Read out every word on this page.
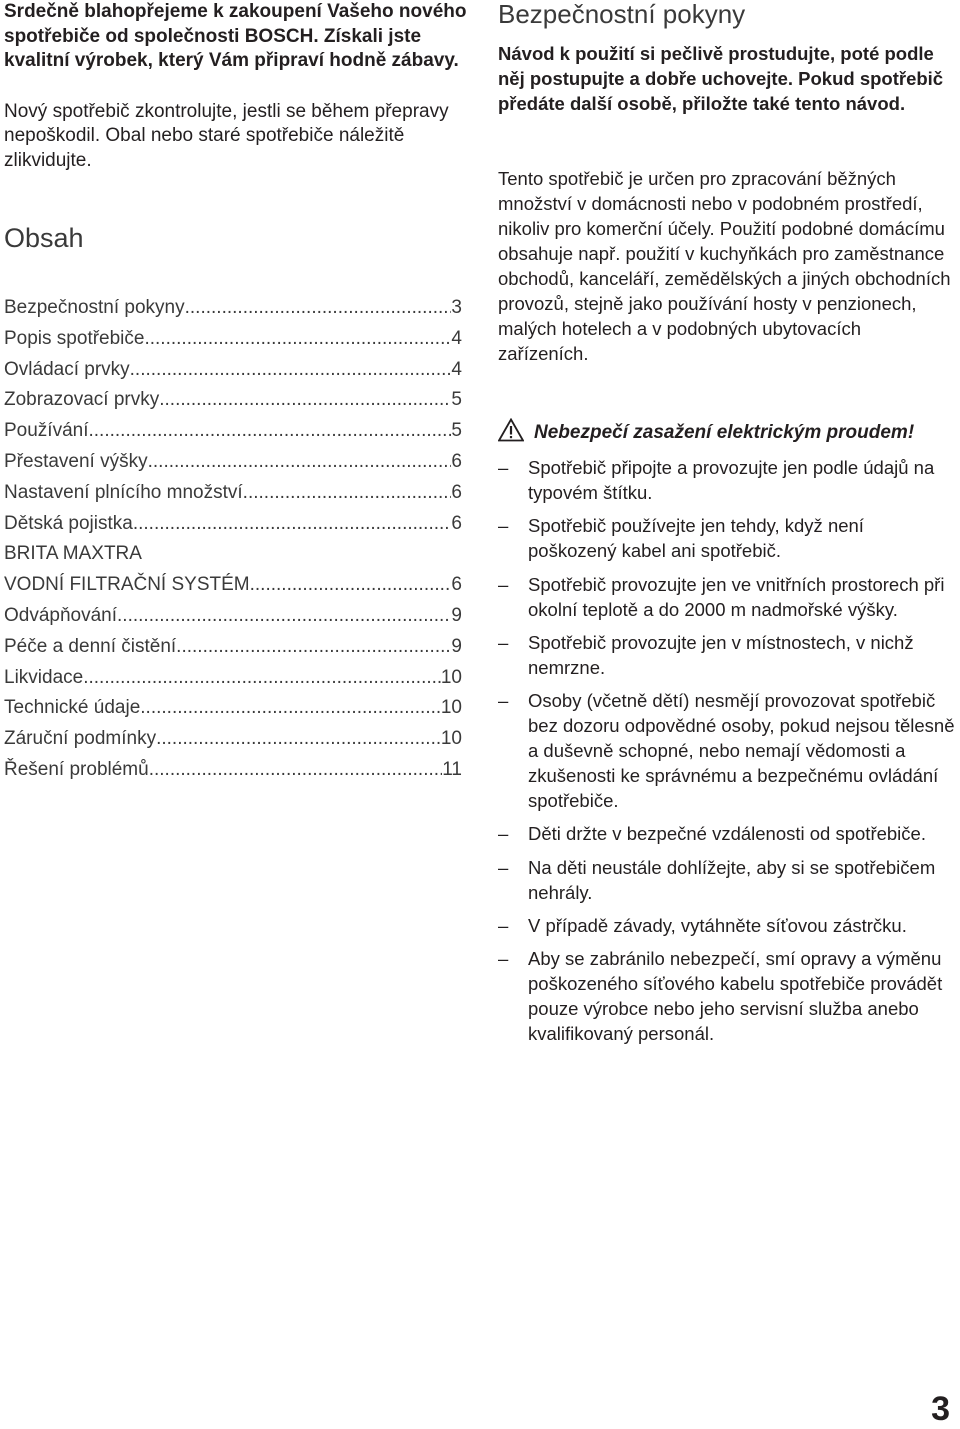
Srdečně blahopřejeme k zakoupení Vašeho nového spotřebiče od společnosti BOSCH. Získali jste kvalitní výrobek, který Vám připraví hodně zábavy.

Nový spotřebič zkontrolujte, jestli se během přepravy nepoškodil. Obal nebo staré spotřebiče náležitě zlikvidujte.

Obsah
Bezpečnostní pokyny .....	3
Popis spotřebiče .....	4
Ovládací prvky .....	4
Zobrazovací prvky .....	5
Používání .....	5
Přestavení výšky .....	6
Nastavení plnícího množství .....	6
Dětská pojistka .....	6
BRITA MAXTRA
VODNÍ FILTRAČNÍ SYSTÉM .....	6
Odvápňování .....	9
Péče a denní čistění .....	9
Likvidace .....	10
Technické údaje .....	10
Záruční podmínky .....	10
Řešení problémů .....	11
Bezpečnostní pokyny

Návod k použití si pečlivě prostudujte, poté podle něj postupujte a dobře uchovejte. Pokud spotřebič předáte další osobě, přiložte také tento návod.

Tento spotřebič je určen pro zpracování běžných množství v domácnosti nebo v podobném prostředí, nikoliv pro komerční účely. Použití podobné domácímu obsahuje např. použití v kuchyňkách pro zaměstnance obchodů, kanceláří, zemědělských a jiných obchodních provozů, stejně jako používání hosty v penzionech, malých hotelech a v podobných ubytovacích zařízeních.

Nebezpečí zasažení elektrickým proudem!
– Spotřebič připojte a provozujte jen podle údajů na typovém štítku.
– Spotřebič používejte jen tehdy, když není poškozený kabel ani spotřebič.
– Spotřebič provozujte jen ve vnitřních prostorech při okolní teplotě a do 2000 m nadmořské výšky.
– Spotřebič provozujte jen v místnostech, v nichž nemrzne.
– Osoby (včetně dětí) nesmějí provozovat spotřebič bez dozoru odpovědné osoby, pokud nejsou tělesně a duševně schopné, nebo nemají vědomosti a zkušenosti ke správnému a bezpečnému ovládání spotřebiče.
– Děti držte v bezpečné vzdálenosti od spotřebiče.
– Na děti neustále dohlížejte, aby si se spotřebičem nehrály.
– V případě závady, vytáhněte síťovou zástrčku.
– Aby se zabránilo nebezpečí, smí opravy a výměnu poškozeného síťového kabelu spotřebiče provádět pouze výrobce nebo jeho servisní služba anebo kvalifikovaný personál.
3
